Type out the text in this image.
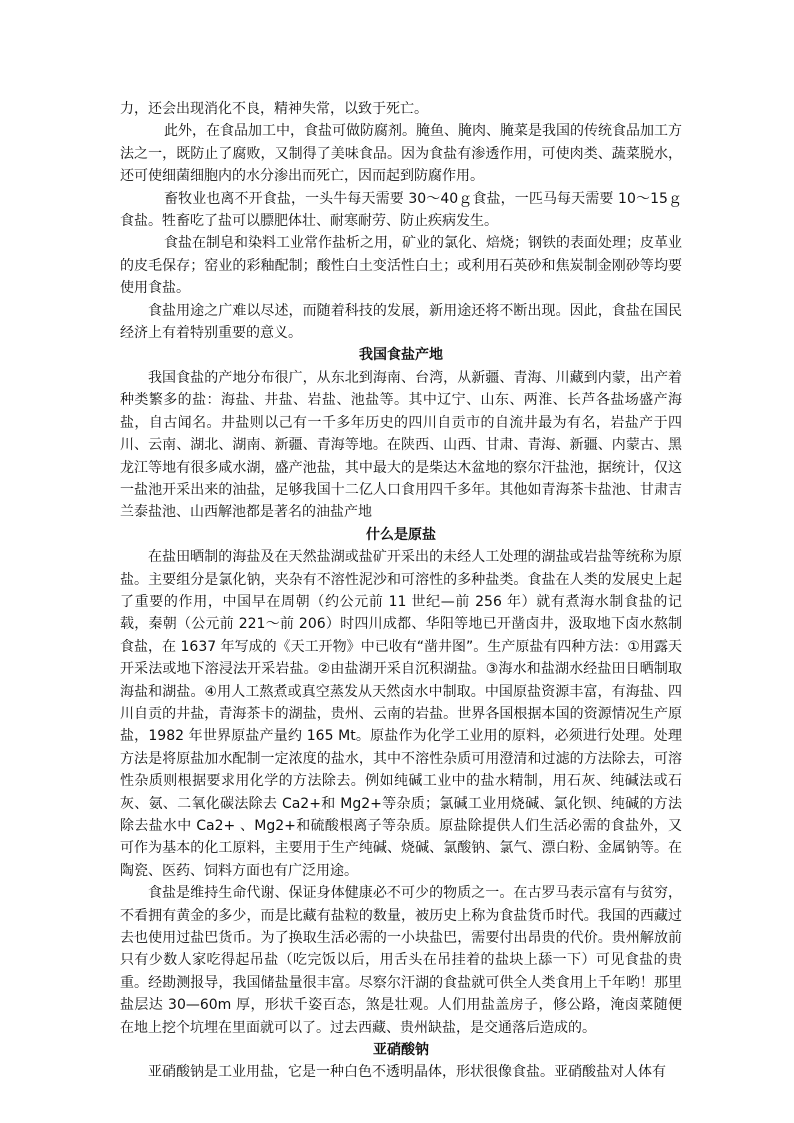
力，还会出现消化不良，精神失常，以致于死亡。

此外，在食品加工中，食盐可做防腐剂。腌鱼、腌肉、腌菜是我国的传统食品加工方法之一，既防止了腐败，又制得了美味食品。因为食盐有渗透作用，可使肉类、蔬菜脱水，还可使细菌细胞内的水分渗出而死亡，因而起到防腐作用。

畜牧业也离不开食盐，一头牛每天需要 30～40ｇ食盐，一匹马每天需要 10～15ｇ食盐。牲畜吃了盐可以膘肥体壮、耐寒耐劳、防止疾病发生。

食盐在制皂和染料工业常作盐析之用，矿业的氯化、焙烧；钢铁的表面处理；皮革业的皮毛保存；窑业的彩釉配制；酸性白土变活性白土；或利用石英砂和焦炭制金刚砂等均要使用食盐。

食盐用途之广难以尽述，而随着科技的发展，新用途还将不断出现。因此，食盐在国民经济上有着特别重要的意义。

我国食盐产地

我国食盐的产地分布很广，从东北到海南、台湾，从新疆、青海、川藏到内蒙，出产着种类繁多的盐：海盐、井盐、岩盐、池盐等。其中辽宁、山东、两淮、长芦各盐场盛产海盐，自古闻名。井盐则以己有一千多年历史的四川自贡市的自流井最为有名，岩盐产于四川、云南、湖北、湖南、新疆、青海等地。在陕西、山西、甘肃、青海、新疆、内蒙古、黑龙江等地有很多咸水湖，盛产池盐，其中最大的是柴达木盆地的察尔汗盐池，据统计，仅这一盐池开采出来的油盐，足够我国十二亿人口食用四千多年。其他如青海茶卡盐池、甘肃吉兰泰盐池、山西解池都是著名的油盐产地

什么是原盐

在盐田晒制的海盐及在天然盐湖或盐矿开采出的未经人工处理的湖盐或岩盐等统称为原盐。主要组分是氯化钠，夹杂有不溶性泥沙和可溶性的多种盐类。食盐在人类的发展史上起了重要的作用，中国早在周朝（约公元前 11 世纪—前 256 年）就有煮海水制食盐的记载，秦朝（公元前 221～前 206）时四川成都、华阳等地已开凿卤井，汲取地下卤水熬制食盐，在 1637 年写成的《天工开物》中已收有“凿井图”。生产原盐有四种方法：①用露天开采法或地下溶浸法开采岩盐。②由盐湖开采自沉积湖盐。③海水和盐湖水经盐田日晒制取海盐和湖盐。④用人工熬煮或真空蒸发从天然卤水中制取。中国原盐资源丰富，有海盐、四川自贡的井盐，青海茶卡的湖盐，贵州、云南的岩盐。世界各国根据本国的资源情况生产原盐，1982 年世界原盐产量约 165 Mt。原盐作为化学工业用的原料，必须进行处理。处理方法是将原盐加水配制一定浓度的盐水，其中不溶性杂质可用澄清和过滤的方法除去，可溶性杂质则根据要求用化学的方法除去。例如纯碱工业中的盐水精制，用石灰、纯碱法或石灰、氨、二氧化碳法除去 Ca2+和 Mg2+等杂质；氯碱工业用烧碱、氯化钡、纯碱的方法除去盐水中 Ca2+ 、Mg2+和硫酸根离子等杂质。原盐除提供人们生活必需的食盐外，又可作为基本的化工原料，主要用于生产纯碱、烧碱、氯酸钠、氯气、漂白粉、金属钠等。在陶瓷、医药、饲料方面也有广泛用途。

食盐是维持生命代谢、保证身体健康必不可少的物质之一。在古罗马表示富有与贫穷，不看拥有黄金的多少，而是比藏有盐粒的数量，被历史上称为食盐货币时代。我国的西藏过去也使用过盐巴货币。为了换取生活必需的一小块盐巴，需要付出昂贵的代价。贵州解放前只有少数人家吃得起吊盐（吃完饭以后，用舌头在吊挂着的盐块上舔一下）可见食盐的贵重。经勘测报导，我国储盐量很丰富。尽察尔汗湖的食盐就可供全人类食用上千年哟！那里盐层达 30—60m 厚，形状千姿百态，煞是壮观。人们用盐盖房子，修公路，淹卤菜随便在地上挖个坑埋在里面就可以了。过去西藏、贵州缺盐，是交通落后造成的。

亚硝酸钠

亚硝酸钠是工业用盐，它是一种白色不透明晶体，形状很像食盐。亚硝酸盐对人体有
